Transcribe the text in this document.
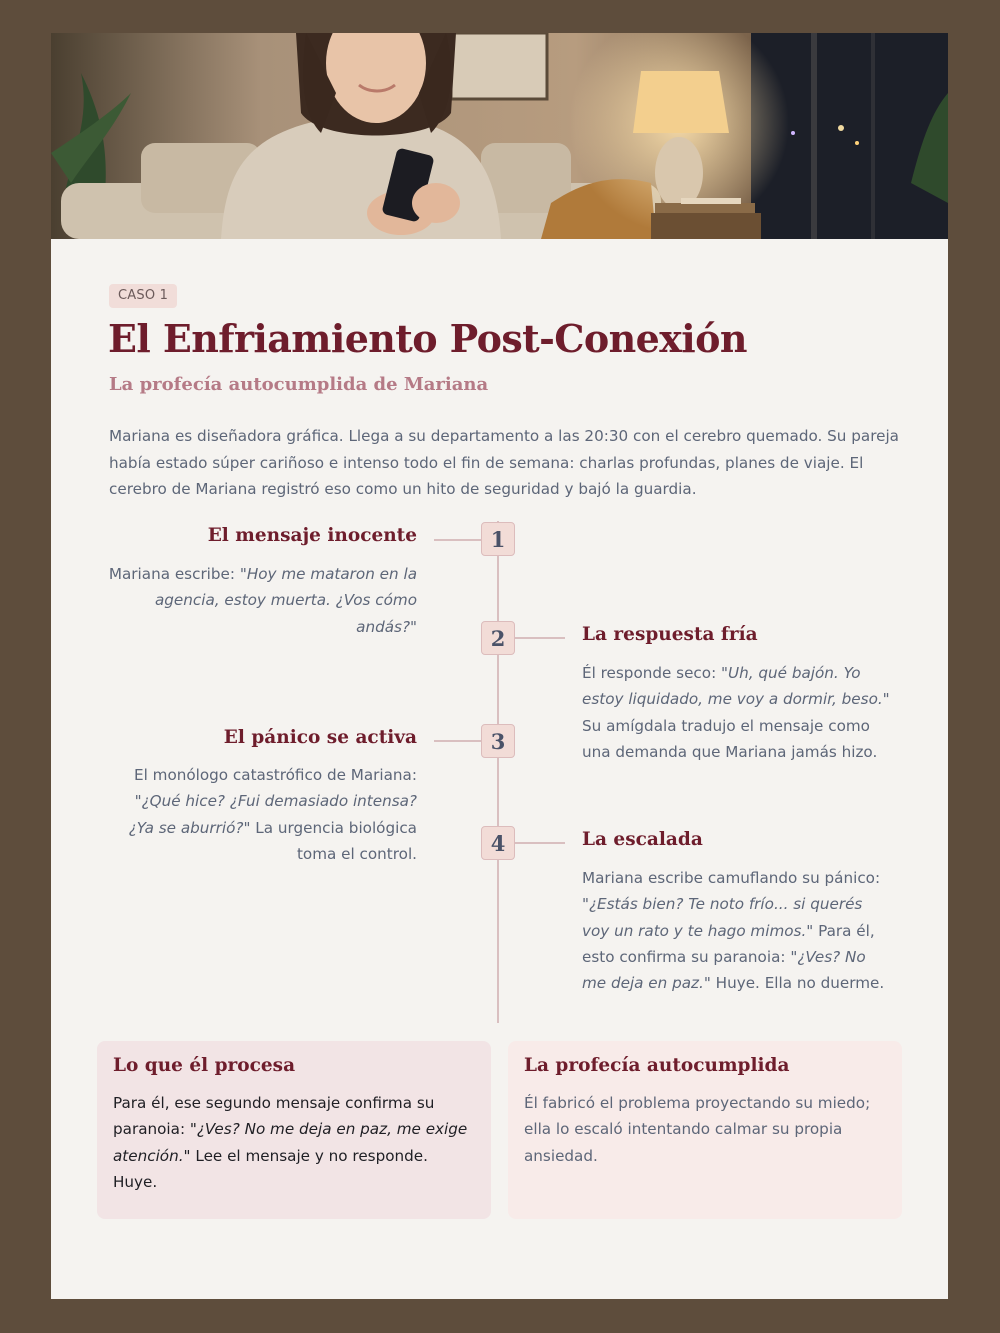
CASO 1
El Enfriamiento Post-Conexión
La profecía autocumplida de Mariana

Mariana es diseñadora gráfica. Llega a su departamento a las 20:30 con el cerebro quemado. Su pareja había estado súper cariñoso e intenso todo el fin de semana: charlas profundas, planes de viaje. El cerebro de Mariana registró eso como un hito de seguridad y bajó la guardia.

1
El mensaje inocente

Mariana escribe: "Hoy me mataron en la agencia, estoy muerta. ¿Vos cómo andás?"	2	La respuesta fría

Él responde seco: "Uh, qué bajón. Yo estoy liquidado, me voy a dormir, beso." Su amígdala tradujo el mensaje como una demanda que Mariana jamás hizo.

3
El pánico se activa

El monólogo catastrófico de Mariana: "¿Qué hice? ¿Fui demasiado intensa? ¿Ya se aburrió?" La urgencia biológica toma el control.	4	La escalada

Mariana escribe camuflando su pánico: "¿Estás bien? Te noto frío... si querés voy un rato y te hago mimos." Para él, esto confirma su paranoia: "¿Ves? No me deja en paz." Huye. Ella no duerme.

Lo que él procesa

Para él, ese segundo mensaje confirma su paranoia: "¿Ves? No me deja en paz, me exige atención." Lee el mensaje y no responde. Huye.

La profecía autocumplida

Él fabricó el problema proyectando su miedo; ella lo escaló intentando calmar su propia ansiedad.
